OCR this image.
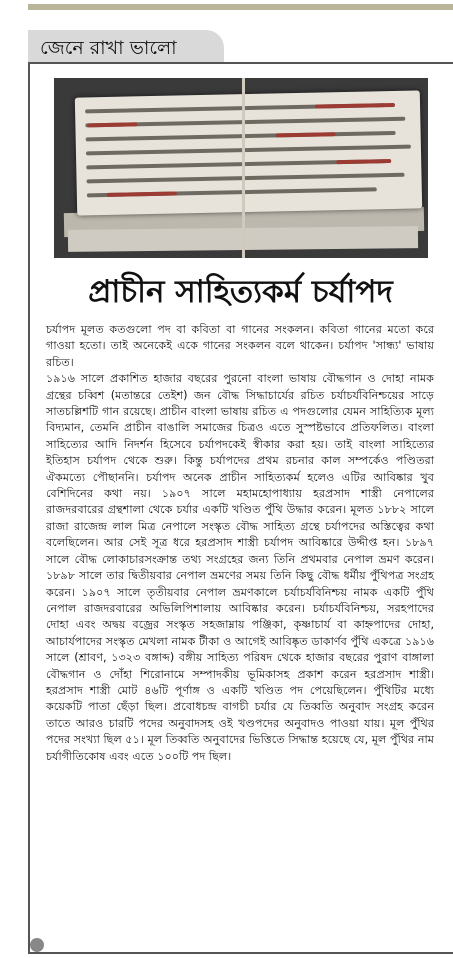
জেনে রাখা ভালো
প্রাচীন সাহিত্যকর্ম চর্যাপদ

চর্যাপদ মূলত কতগুলো পদ বা কবিতা বা গানের সংকলন। কবিতা গানের মতো করে গাওয়া হতো। তাই অনেকেই একে গানের সংকলন বলে থাকেন। চর্যাপদ 'সান্ধ্য' ভাষায় রচিত।

১৯১৬ সালে প্রকাশিত হাজার বছরের পুরনো বাংলা ভাষায় বৌদ্ধগান ও দোহা নামক গ্রন্থের চব্বিশ (মতান্তরে তেইশ) জন বৌদ্ধ সিদ্ধাচার্যের রচিত চর্যাচর্যবিনিশ্চয়ের সাড়ে সাতচল্লিশটি গান রয়েছে। প্রাচীন বাংলা ভাষায় রচিত এ পদগুলোর যেমন সাহিত্যিক মূল্য বিদ্যমান, তেমনি প্রাচীন বাঙালি সমাজের চিত্রও এতে সুস্পষ্টভাবে প্রতিফলিত। বাংলা সাহিত্যের আদি নিদর্শন হিসেবে চর্যাপদকেই স্বীকার করা হয়। তাই বাংলা সাহিত্যের ইতিহাস চর্যাপদ থেকে শুরু। কিন্তু চর্যাপদের প্রথম রচনার কাল সম্পর্কেও পণ্ডিতরা ঐকমত্যে পৌছাননি। চর্যাপদ অনেক প্রাচীন সাহিত্যকর্ম হলেও এটির আবিষ্কার খুব বেশিদিনের কথা নয়। ১৯০৭ সালে মহামহোপাধ্যায় হরপ্রসাদ শাস্ত্রী নেপালের রাজদরবারের গ্রন্থশালা থেকে চর্যার একটি খণ্ডিত পুঁথি উদ্ধার করেন। মূলত ১৮৮২ সালে রাজা রাজেন্দ্র লাল মিত্র নেপালে সংস্কৃত বৌদ্ধ সাহিত্য গ্রন্থে চর্যাপদের অস্তিত্বের কথা বলেছিলেন। আর সেই সূত্র ধরে হরপ্রসাদ শাস্ত্রী চর্যাপদ আবিষ্কারে উদ্দীপ্ত হন। ১৮৯৭ সালে বৌদ্ধ লোকাচারসংক্রান্ত তথ্য সংগ্রহের জন্য তিনি প্রথমবার নেপাল ভ্রমণ করেন। ১৮৯৮ সালে তার দ্বিতীয়বার নেপাল ভ্রমণের সময় তিনি কিছু বৌদ্ধ ধর্মীয় পুঁথিপত্র সংগ্রহ করেন। ১৯০৭ সালে তৃতীয়বার নেপাল ভ্রমণকালে চর্যাচর্যবিনিশ্চয় নামক একটি পুঁথি নেপাল রাজদরবারের অভিলিপিশালায় আবিষ্কার করেন। চর্যাচর্যবিনিশ্চয়, সরহপাদের দোহা এবং অদ্বয় বজ্রের সংস্কৃত সহজাম্নায় পঞ্জিকা, কৃষ্ণাচার্য বা কাহ্নপাদের দোহা, আচার্যপাদের সংস্কৃত মেখলা নামক টীকা ও আগেই আবিষ্কৃত ডাকার্ণব পুঁথি একত্রে ১৯১৬ সালে (শ্রাবণ, ১৩২৩ বঙ্গাব্দ) বঙ্গীয় সাহিত্য পরিষদ থেকে হাজার বছরের পুরাণ বাঙ্গালা বৌদ্ধগান ও দোঁহা শিরোনামে সম্পাদকীয় ভূমিকাসহ প্রকাশ করেন হরপ্রসাদ শাস্ত্রী। হরপ্রসাদ শাস্ত্রী মোট ৪৬টি পূর্ণাঙ্গ ও একটি খণ্ডিত পদ পেয়েছিলেন। পুঁথিটির মধ্যে কয়েকটি পাতা ছেঁড়া ছিল। প্রবোধচন্দ্র বাগচী চর্যার যে তিব্বতি অনুবাদ সংগ্রহ করেন তাতে আরও চারটি পদের অনুবাদসহ ওই খণ্ডপদের অনুবাদও পাওয়া যায়। মূল পুঁথির পদের সংখ্যা ছিল ৫১। মূল তিব্বতি অনুবাদের ভিত্তিতে সিদ্ধান্ত হয়েছে যে, মূল পুঁথির নাম চর্যাগীতিকোষ এবং এতে ১০০টি পদ ছিল।
